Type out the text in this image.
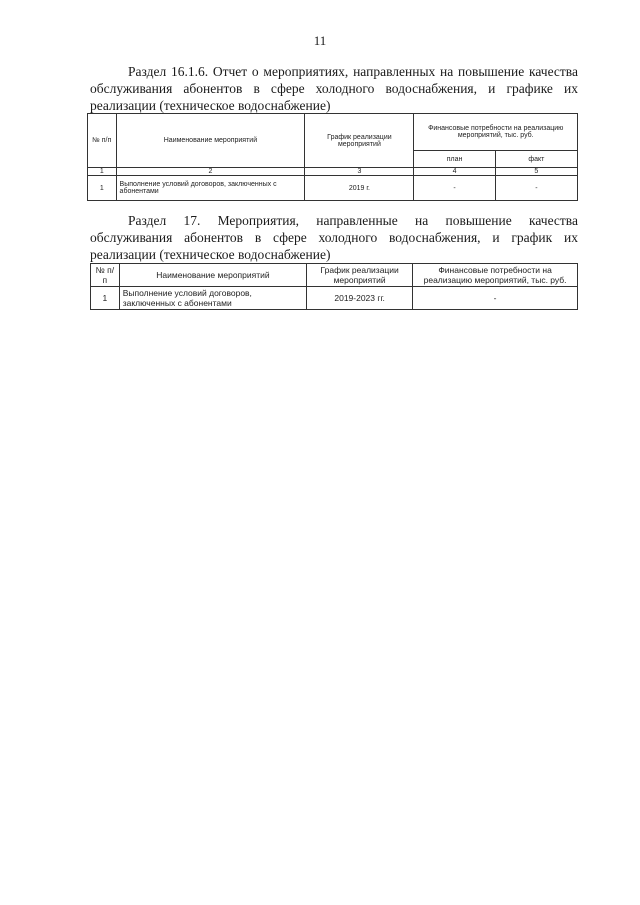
11

Раздел 16.1.6. Отчет о мероприятиях, направленных на повышение качества обслуживания абонентов в сфере холодного водоснабжения, и графике их реализации (техническое водоснабжение)

№ п/п	Наименование мероприятий	График реализации мероприятий	Финансовые потребности на реализацию мероприятий, тыс. руб.	
			план	факт
1	2	3	4	5
1	Выполнение условий договоров, заключенных с абонентами	2019 г.	-	-

Раздел 17. Мероприятия, направленные на повышение качества обслуживания абонентов в сфере холодного водоснабжения, и график их реализации (техническое водоснабжение)

№ п/п	Наименование мероприятий	График реализации мероприятий	Финансовые потребности на реализацию мероприятий, тыс. руб.
1	Выполнение условий договоров, заключенных с абонентами	2019-2023 гг.	-
